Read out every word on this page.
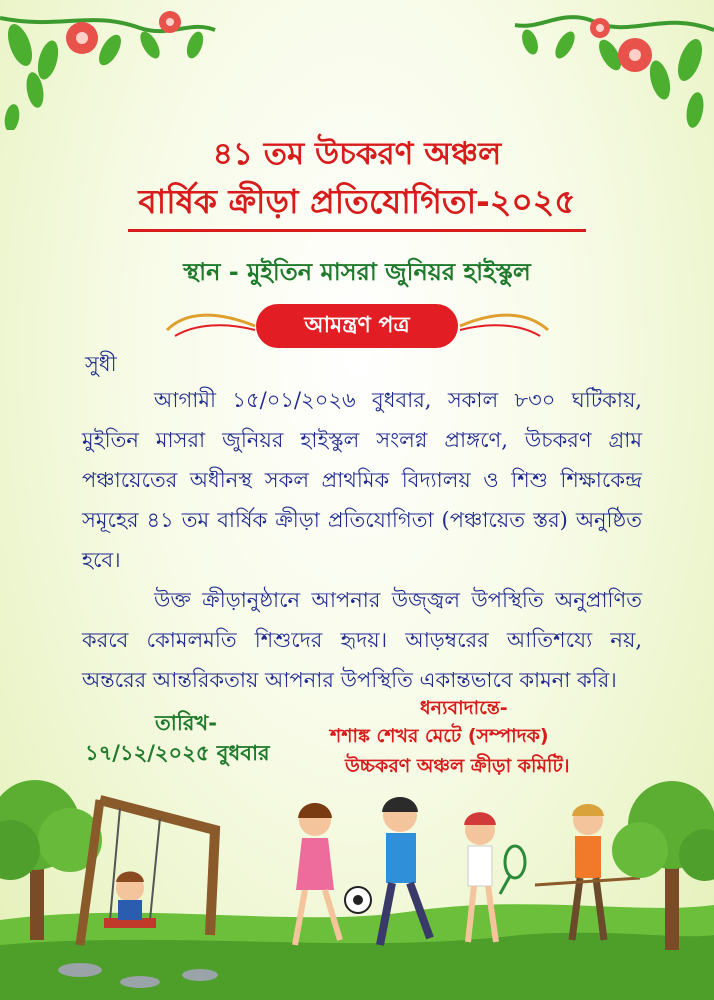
৪১ তম উচকরণ অঞ্চল
বার্ষিক ক্রীড়া প্রতিযোগিতা-২০২৫

স্থান - মুইতিন মাসরা জুনিয়র হাইস্কুল

আমন্ত্রণ পত্র

সুধী

আগামী ১৫/০১/২০২৬ বুধবার, সকাল ৮৩০ ঘটিকায়, মুইতিন মাসরা জুনিয়র হাইস্কুল সংলগ্ন প্রাঙ্গণে, উচকরণ গ্রাম পঞ্চায়েতের অধীনস্থ সকল প্রাথমিক বিদ্যালয় ও শিশু শিক্ষাকেন্দ্র সমূহের ৪১ তম বার্ষিক ক্রীড়া প্রতিযোগিতা (পঞ্চায়েত স্তর) অনুষ্ঠিত হবে।
উক্ত ক্রীড়ানুষ্ঠানে আপনার উজ্জ্বল উপস্থিতি অনুপ্রাণিত করবে কোমলমতি শিশুদের হৃদয়। আড়ম্বরের আতিশয্যে নয়, অন্তরের আন্তরিকতায় আপনার উপস্থিতি একান্তভাবে কামনা করি।

তারিখ-

১৭/১২/২০২৫ বুধবার

ধন্যবাদান্তে-

শশাঙ্ক শেখর মেটে (সম্পাদক)

উচ্চকরণ অঞ্চল ক্রীড়া কমিটি।
